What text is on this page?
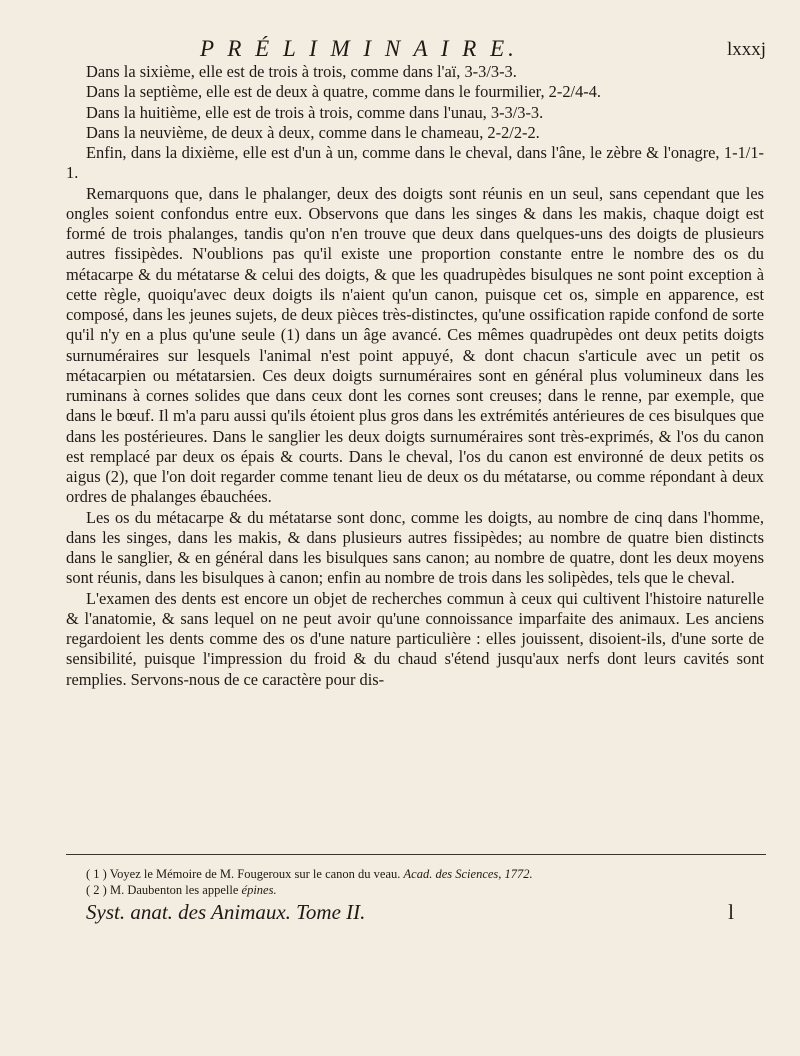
P R É L I M I N A I R E.	lxxxj

Dans la sixième, elle est de trois à trois, comme dans l'aï, 3-3/3-3.

Dans la septième, elle est de deux à quatre, comme dans le fourmilier, 2-2/4-4.

Dans la huitième, elle est de trois à trois, comme dans l'unau, 3-3/3-3.

Dans la neuvième, de deux à deux, comme dans le chameau, 2-2/2-2.

Enfin, dans la dixième, elle est d'un à un, comme dans le cheval, dans l'âne, le zèbre & l'onagre, 1-1/1-1.

Remarquons que, dans le phalanger, deux des doigts sont réunis en un seul, sans cependant que les ongles soient confondus entre eux. Observons que dans les singes & dans les makis, chaque doigt est formé de trois phalanges, tandis qu'on n'en trouve que deux dans quelques-uns des doigts de plusieurs autres fissipèdes. N'oublions pas qu'il existe une proportion constante entre le nombre des os du métacarpe & du métatarse & celui des doigts, & que les quadrupèdes bisulques ne sont point exception à cette règle, quoiqu'avec deux doigts ils n'aient qu'un canon, puisque cet os, simple en apparence, est composé, dans les jeunes sujets, de deux pièces très-distinctes, qu'une ossification rapide confond de sorte qu'il n'y en a plus qu'une seule (1) dans un âge avancé. Ces mêmes quadrupèdes ont deux petits doigts surnuméraires sur lesquels l'animal n'est point appuyé, & dont chacun s'articule avec un petit os métacarpien ou métatarsien. Ces deux doigts surnuméraires sont en général plus volumineux dans les ruminans à cornes solides que dans ceux dont les cornes sont creuses; dans le renne, par exemple, que dans le bœuf. Il m'a paru aussi qu'ils étoient plus gros dans les extrémités antérieures de ces bisulques que dans les postérieures. Dans le sanglier les deux doigts surnuméraires sont très-exprimés, & l'os du canon est remplacé par deux os épais & courts. Dans le cheval, l'os du canon est environné de deux petits os aigus (2), que l'on doit regarder comme tenant lieu de deux os du métatarse, ou comme répondant à deux ordres de phalanges ébauchées.

Les os du métacarpe & du métatarse sont donc, comme les doigts, au nombre de cinq dans l'homme, dans les singes, dans les makis, & dans plusieurs autres fissipèdes; au nombre de quatre bien distincts dans le sanglier, & en général dans les bisulques sans canon; au nombre de quatre, dont les deux moyens sont réunis, dans les bisulques à canon; enfin au nombre de trois dans les solipèdes, tels que le cheval.

L'examen des dents est encore un objet de recherches commun à ceux qui cultivent l'histoire naturelle & l'anatomie, & sans lequel on ne peut avoir qu'une connoissance imparfaite des animaux. Les anciens regardoient les dents comme des os d'une nature particulière : elles jouissent, disoient-ils, d'une sorte de sensibilité, puisque l'impression du froid & du chaud s'étend jusqu'aux nerfs dont leurs cavités sont remplies. Servons-nous de ce caractère pour dis-

( 1 ) Voyez le Mémoire de M. Fougeroux sur le canon du veau. Acad. des Sciences, 1772.

( 2 ) M. Daubenton les appelle épines.

Syst. anat. des Animaux. Tome II.	l
